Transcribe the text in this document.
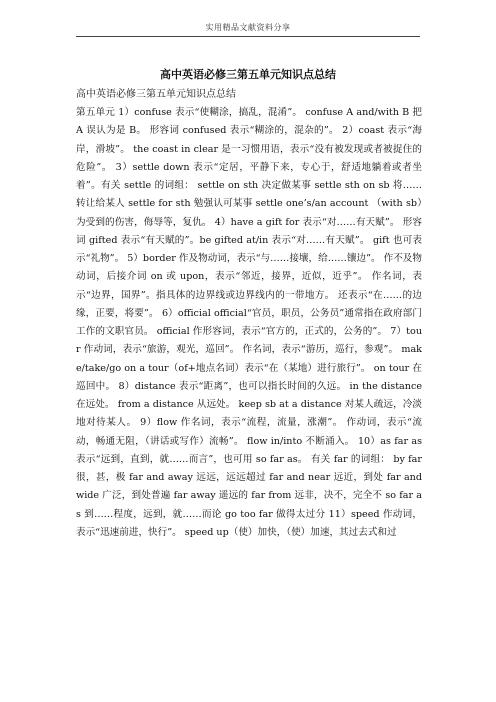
实用精品文献资料分享
高中英语必修三第五单元知识点总结

高中英语必修三第五单元知识点总结

第五单元 1）confuse 表示“使糊涂，搞乱，混淆”。 confuse A and/with B 把 A 误认为是 B。 形容词 confused 表示“糊涂的，混杂的”。 2）coast 表示“海岸，滑坡”。 the coast in clear 是一习惯用语，表示“没有被发现或者被捉住的危险”。 3）settle down 表示“定居，平静下来，专心于，舒适地躺着或者坐着”。有关 settle 的词组： settle on sth 决定做某事 settle sth on sb 将……转让给某人 settle for sth 勉强认可某事 settle one’s/an account （with sb）为受到的伤害，侮辱等，复仇。 4）have a gift for 表示“对……有天赋”。 形容词 gifted 表示“有天赋的”。be gifted at/in 表示“对……有天赋”。 gift 也可表示“礼物”。 5）border 作及物动词，表示“与……接壤，给……镶边”。 作不及物动词，后接介词 on 或 upon，表示“邻近，接界，近似，近乎”。 作名词，表示“边界，国界”。指具体的边界线或边界线内的一带地方。 还表示“在……的边缘，正要，将要”。 6）official official“官员，职员，公务员”通常指在政府部门工作的文职官员。 official 作形容词，表示“官方的，正式的，公务的”。 7）tour 作动词，表示“旅游，观光，巡回”。 作名词，表示“游历，巡行，参观”。 make/take/go on a tour（of+地点名词）表示“在（某地）进行旅行”。 on tour 在巡回中。 8）distance 表示“距离”，也可以指长时间的久远。 in the distance 在远处。 from a distance 从远处。 keep sb at a distance 对某人疏远，冷淡地对待某人。 9）flow 作名词，表示“流程，流量，涨潮”。 作动词，表示“流动，畅通无阻，（讲话或写作）流畅”。 flow in/into 不断涌入。 10）as far as 表示“远到，直到，就……而言”，也可用 so far as。 有关 far 的词组： by far 很，甚，极 far and away 远远，远远超过 far and near 远近，到处 far and wide 广泛，到处普遍 far away 遥远的 far from 远非，决不，完全不 so far as 到……程度，远到，就……而论 go too far 做得太过分 11）speed 作动词，表示“迅速前进，快行”。 speed up（使）加快，（使）加速，其过去式和过
